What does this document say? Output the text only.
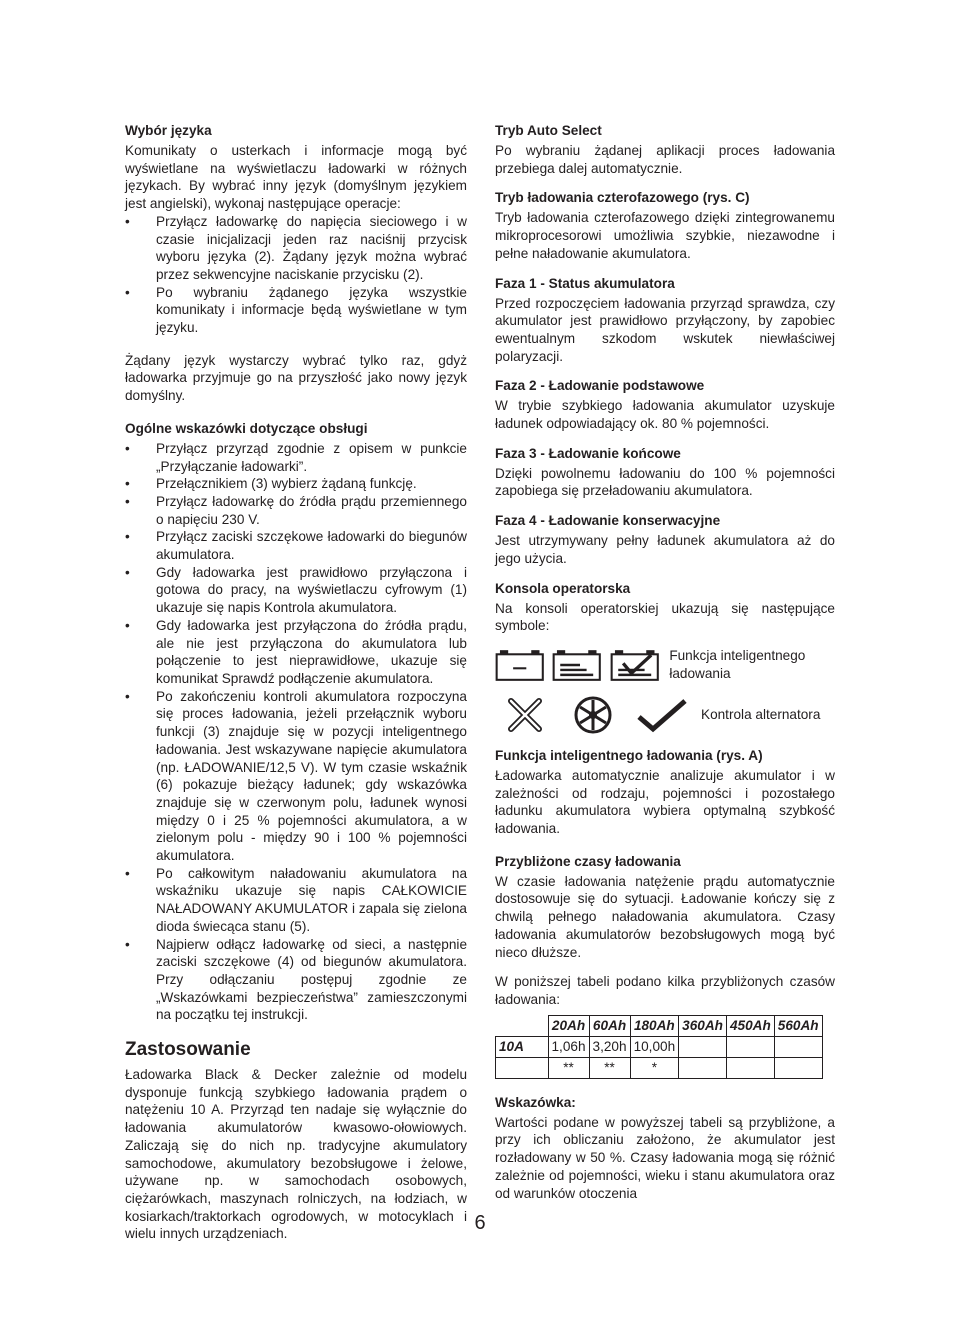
Wybór języka

Komunikaty o usterkach i informacje mogą być wyświetlane na wyświetlaczu ładowarki w różnych językach. By wybrać inny język (domyślnym językiem jest angielski), wykonaj następujące operacje:

• Przyłącz ładowarkę do napięcia sieciowego i w czasie inicjalizacji jeden raz naciśnij przycisk wyboru języka (2). Żądany język można wybrać przez sekwencyjne naciskanie przycisku (2).
• Po wybraniu żądanego języka wszystkie komunikaty i informacje będą wyświetlane w tym języku.

Żądany język wystarczy wybrać tylko raz, gdyż ładowarka przyjmuje go na przyszłość jako nowy język domyślny.

Ogólne wskazówki dotyczące obsługi
• Przyłącz przyrząd zgodnie z opisem w punkcie „Przyłączanie ładowarki”.
• Przełącznikiem (3) wybierz żądaną funkcję.
• Przyłącz ładowarkę do źródła prądu przemiennego o napięciu 230 V.
• Przyłącz zaciski szczękowe ładowarki do biegunów akumulatora.
• Gdy ładowarka jest prawidłowo przyłączona i gotowa do pracy, na wyświetlaczu cyfrowym (1) ukazuje się napis Kontrola akumulatora.
• Gdy ładowarka jest przyłączona do źródła prądu, ale nie jest przyłączona do akumulatora lub połączenie to jest nieprawidłowe, ukazuje się komunikat Sprawdź podłączenie akumulatora.
• Po zakończeniu kontroli akumulatora rozpoczyna się proces ładowania, jeżeli przełącznik wyboru funkcji (3) znajduje się w pozycji inteligentnego ładowania. Jest wskazywane napięcie akumulatora (np. ŁADOWANIE/12,5 V). W tym czasie wskaźnik (6) pokazuje bieżący ładunek; gdy wskazówka znajduje się w czerwonym polu, ładunek wynosi między 0 i 25 % pojemności akumulatora, a w zielonym polu - między 90 i 100 % pojemności akumulatora.
• Po całkowitym naładowaniu akumulatora na wskaźniku ukazuje się napis CAŁKOWICIE NAŁADOWANY AKUMULATOR i zapala się zielona dioda świecąca stanu (5).
• Najpierw odłącz ładowarkę od sieci, a następnie zaciski szczękowe (4) od biegunów akumulatora. Przy odłączaniu postępuj zgodnie ze „Wskazówkami bezpieczeństwa” zamieszczonymi na początku tej instrukcji.
Zastosowanie

Ładowarka Black & Decker zależnie od modelu dysponuje funkcją szybkiego ładowania prądem o natężeniu 10 A. Przyrząd ten nadaje się wyłącznie do ładowania akumulatorów kwasowo-ołowiowych. Zaliczają się do nich np. tradycyjne akumulatory samochodowe, akumulatory bezobsługowe i żelowe, używane np. w samochodach osobowych, ciężarówkach, maszynach rolniczych, na łodziach, w kosiarkach/traktorkach ogrodowych, w motocyklach i wielu innych urządzeniach.

Tryb Auto Select

Po wybraniu żądanej aplikacji proces ładowania przebiega dalej automatycznie.

Tryb ładowania czterofazowego (rys. C)

Tryb ładowania czterofazowego dzięki zintegrowanemu mikroprocesorowi umożliwia szybkie, niezawodne i pełne naładowanie akumulatora.

Faza 1 - Status akumulatora

Przed rozpoczęciem ładowania przyrząd sprawdza, czy akumulator jest prawidłowo przyłączony, by zapobiec ewentualnym szkodom wskutek niewłaściwej polaryzacji.

Faza 2 - Ładowanie podstawowe

W trybie szybkiego ładowania akumulator uzyskuje ładunek odpowiadający ok. 80 % pojemności.

Faza 3 - Ładowanie końcowe

Dzięki powolnemu ładowaniu do 100 % pojemności zapobiega się przeładowaniu akumulatora.

Faza 4 - Ładowanie konserwacyjne

Jest utrzymywany pełny ładunek akumulatora aż do jego użycia.

Konsola operatorska

Na konsoli operatorskiej ukazują się następujące symbole:

Funkcja inteligentnego ładowania
Kontrola alternatora
Funkcja inteligentnego ładowania (rys. A)

Ładowarka automatycznie analizuje akumulator i w zależności od rodzaju, pojemności i pozostałego ładunku akumulatora wybiera optymalną szybkość ładowania.

Przybliżone czasy ładowania

W czasie ładowania natężenie prądu automatycznie dostosowuje się do sytuacji. Ładowanie kończy się z chwilą pełnego naładowania akumulatora. Czasy ładowania akumulatorów bezobsługowych mogą być nieco dłuższe.

W poniższej tabeli podano kilka przybliżonych czasów ładowania:

	20Ah	60Ah	180Ah	360Ah	450Ah	560Ah
10A	1,06h	3,20h	10,00h			
	**	**	*			
Wskazówka:

Wartości podane w powyższej tabeli są przybliżone, a przy ich obliczaniu założono, że akumulator jest rozładowany w 50 %. Czasy ładowania mogą się różnić zależnie od pojemności, wieku i stanu akumulatora oraz od warunków otoczenia

6
